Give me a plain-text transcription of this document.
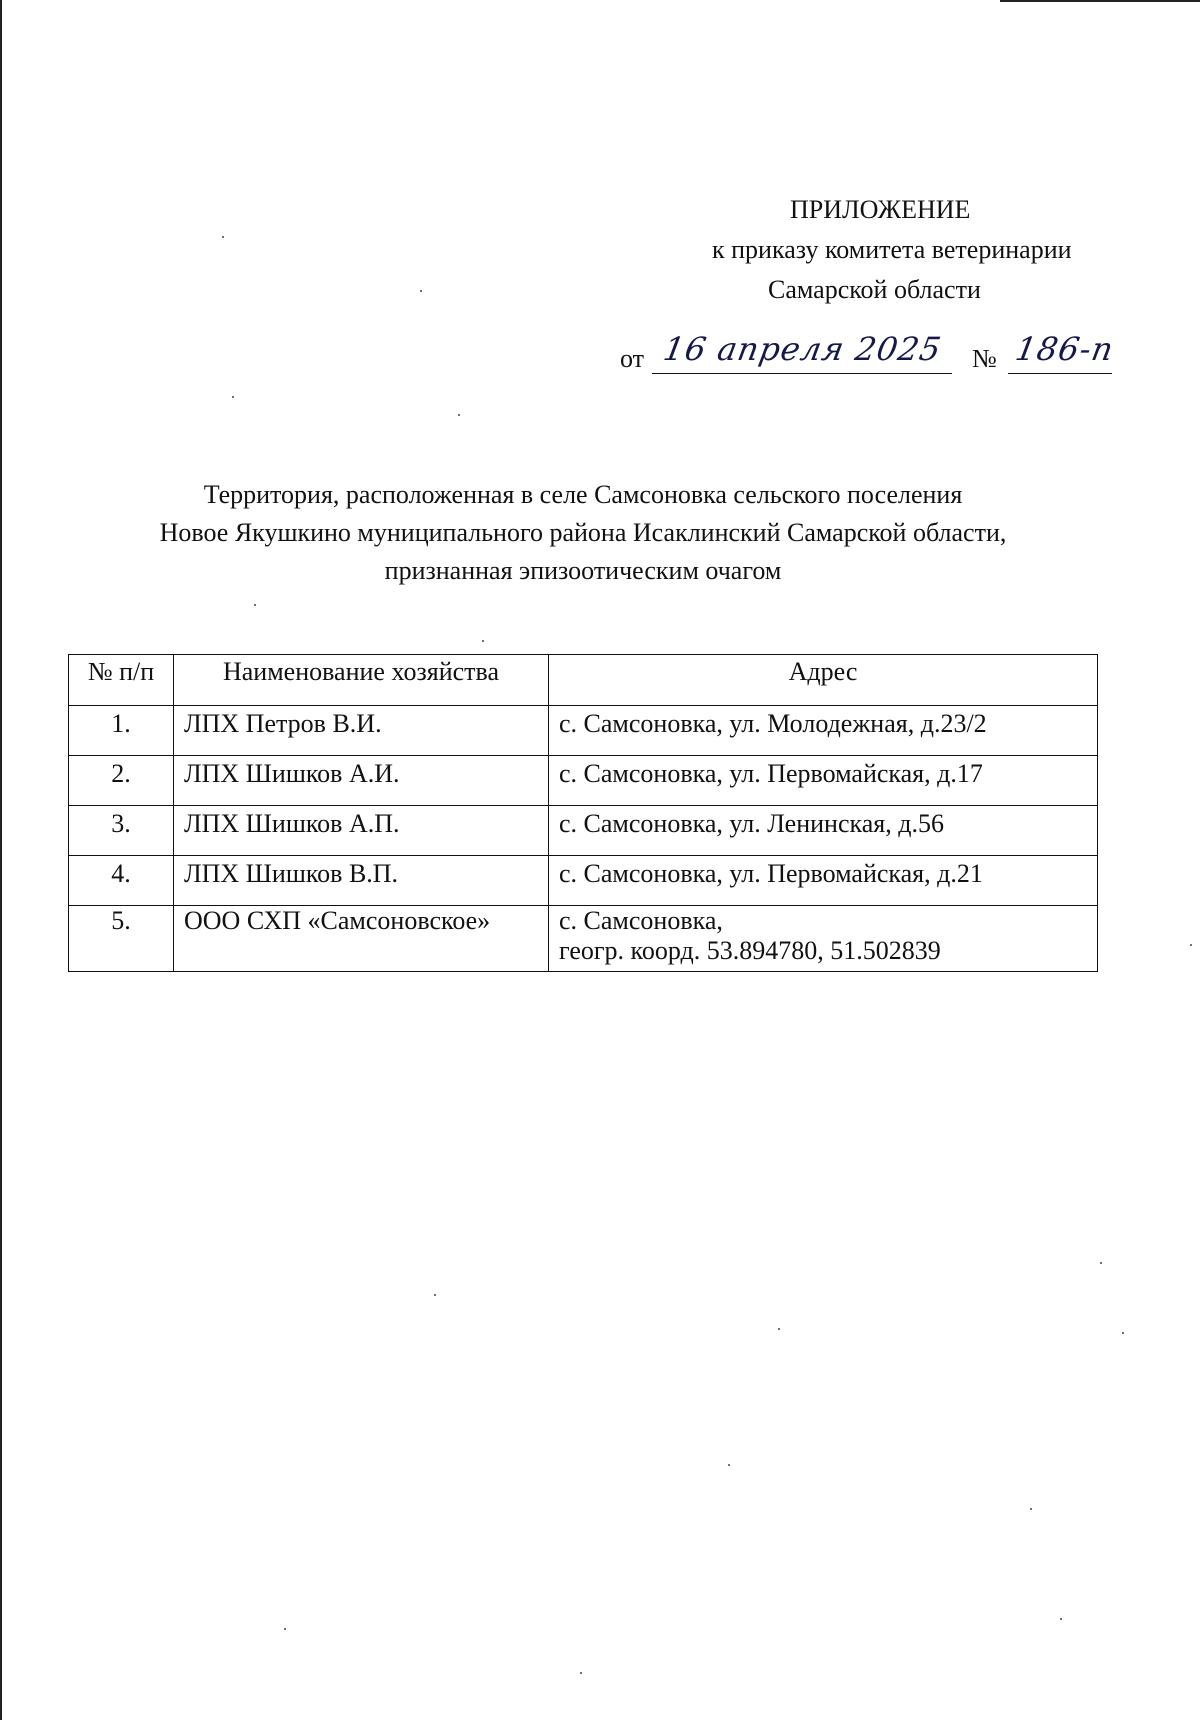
ПРИЛОЖЕНИЕ
к приказу комитета ветеринарии
Самарской области
от 16 апреля 2025	№ 186-п
Территория, расположенная в селе Самсоновка сельского поселения
Новое Якушкино муниципального района Исаклинский Самарской области,
признанная эпизоотическим очагом
№ п/п	Наименование хозяйства	Адрес
1.	ЛПХ Петров В.И.	с. Самсоновка, ул. Молодежная, д.23/2
2.	ЛПХ Шишков А.И.	с. Самсоновка, ул. Первомайская, д.17
3.	ЛПХ Шишков А.П.	с. Самсоновка, ул. Ленинская, д.56
4.	ЛПХ Шишков В.П.	с. Самсоновка, ул. Первомайская, д.21
5.	ООО СХП «Самсоновское»	с. Самсоновка,
геогр. коорд. 53.894780, 51.502839
